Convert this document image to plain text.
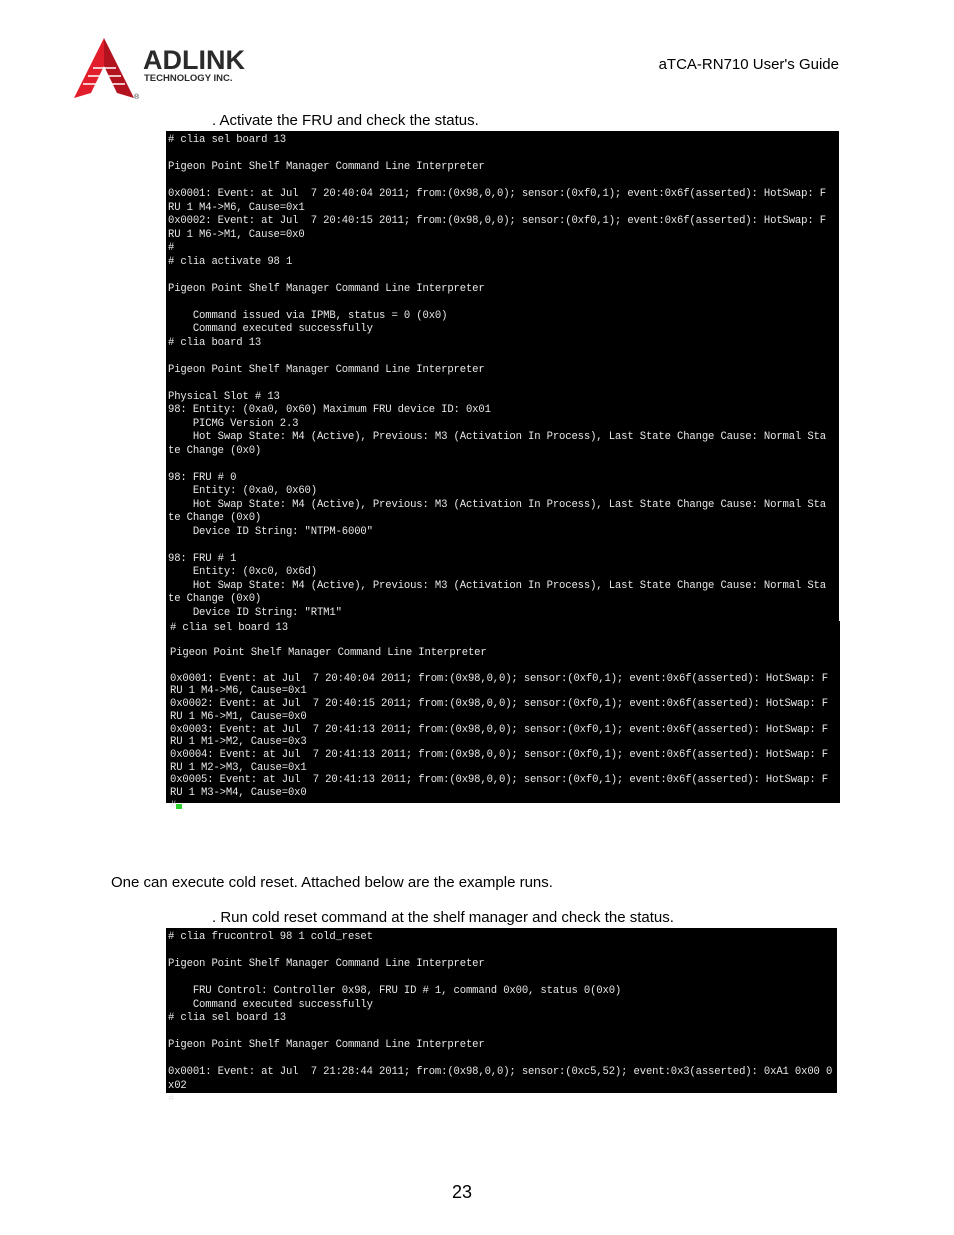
ADLINK
TECHNOLOGY INC.
®
aTCA-RN710 User's Guide
. Activate the FRU and check the status.
# clia sel board 13
Pigeon Point Shelf Manager Command Line Interpreter
0x0001: Event: at Jul  7 20:40:04 2011; from:(0x98,0,0); sensor:(0xf0,1); event:0x6f(asserted): HotSwap: F
RU 1 M4->M6, Cause=0x1
0x0002: Event: at Jul  7 20:40:15 2011; from:(0x98,0,0); sensor:(0xf0,1); event:0x6f(asserted): HotSwap: F
RU 1 M6->M1, Cause=0x0
#
# clia activate 98 1
Pigeon Point Shelf Manager Command Line Interpreter
Command issued via IPMB, status = 0 (0x0)
Command executed successfully
# clia board 13
Pigeon Point Shelf Manager Command Line Interpreter
Physical Slot # 13
98: Entity: (0xa0, 0x60) Maximum FRU device ID: 0x01
PICMG Version 2.3
Hot Swap State: M4 (Active), Previous: M3 (Activation In Process), Last State Change Cause: Normal Sta
te Change (0x0)
98: FRU # 0
Entity: (0xa0, 0x60)
Hot Swap State: M4 (Active), Previous: M3 (Activation In Process), Last State Change Cause: Normal Sta
te Change (0x0)
Device ID String: "NTPM-6000"
98: FRU # 1
Entity: (0xc0, 0x6d)
Hot Swap State: M4 (Active), Previous: M3 (Activation In Process), Last State Change Cause: Normal Sta
te Change (0x0)
Device ID String: "RTM1"
# clia sel board 13
Pigeon Point Shelf Manager Command Line Interpreter
0x0001: Event: at Jul  7 20:40:04 2011; from:(0x98,0,0); sensor:(0xf0,1); event:0x6f(asserted): HotSwap: F
RU 1 M4->M6, Cause=0x1
0x0002: Event: at Jul  7 20:40:15 2011; from:(0x98,0,0); sensor:(0xf0,1); event:0x6f(asserted): HotSwap: F
RU 1 M6->M1, Cause=0x0
0x0003: Event: at Jul  7 20:41:13 2011; from:(0x98,0,0); sensor:(0xf0,1); event:0x6f(asserted): HotSwap: F
RU 1 M1->M2, Cause=0x3
0x0004: Event: at Jul  7 20:41:13 2011; from:(0x98,0,0); sensor:(0xf0,1); event:0x6f(asserted): HotSwap: F
RU 1 M2->M3, Cause=0x1
0x0005: Event: at Jul  7 20:41:13 2011; from:(0x98,0,0); sensor:(0xf0,1); event:0x6f(asserted): HotSwap: F
RU 1 M3->M4, Cause=0x0
#
One can execute cold reset. Attached below are the example runs.
. Run cold reset command at the shelf manager and check the status.
# clia frucontrol 98 1 cold_reset
Pigeon Point Shelf Manager Command Line Interpreter
FRU Control: Controller 0x98, FRU ID # 1, command 0x00, status 0(0x0)
Command executed successfully
# clia sel board 13
Pigeon Point Shelf Manager Command Line Interpreter
0x0001: Event: at Jul  7 21:28:44 2011; from:(0x98,0,0); sensor:(0xc5,52); event:0x3(asserted): 0xA1 0x00 0
x02
#
23
